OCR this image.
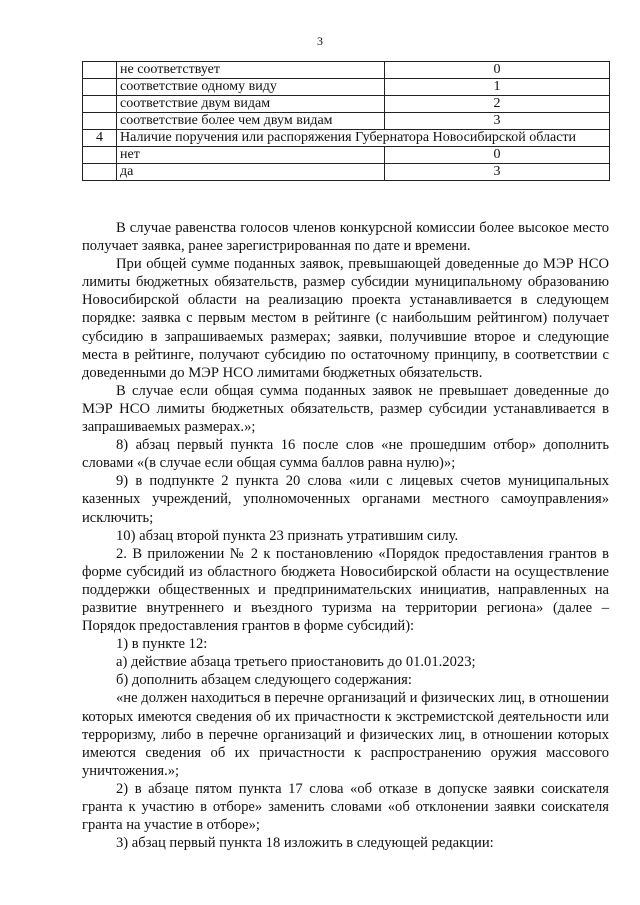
3
	не соответствует	0
	соответствие одному виду	1
	соответствие двум видам	2
	соответствие более чем двум видам	3
4	Наличие поручения или распоряжения Губернатора Новосибирской области	
	нет	0
	да	3

В случае равенства голосов членов конкурсной комиссии более высокое место получает заявка, ранее зарегистрированная по дате и времени.

При общей сумме поданных заявок, превышающей доведенные до МЭР НСО лимиты бюджетных обязательств, размер субсидии муниципальному образованию Новосибирской области на реализацию проекта устанавливается в следующем порядке: заявка с первым местом в рейтинге (с наибольшим рейтингом) получает субсидию в запрашиваемых размерах; заявки, получившие второе и следующие места в рейтинге, получают субсидию по остаточному принципу, в соответствии с доведенными до МЭР НСО лимитами бюджетных обязательств.

В случае если общая сумма поданных заявок не превышает доведенные до МЭР НСО лимиты бюджетных обязательств, размер субсидии устанавливается в запрашиваемых размерах.»;

8) абзац первый пункта 16 после слов «не прошедшим отбор» дополнить словами «(в случае если общая сумма баллов равна нулю)»;

9) в подпункте 2 пункта 20 слова «или с лицевых счетов муниципальных казенных учреждений, уполномоченных органами местного самоуправления» исключить;

10) абзац второй пункта 23 признать утратившим силу.

2. В приложении № 2 к постановлению «Порядок предоставления грантов в форме субсидий из областного бюджета Новосибирской области на осуществление поддержки общественных и предпринимательских инициатив, направленных на развитие внутреннего и въездного туризма на территории региона» (далее – Порядок предоставления грантов в форме субсидий):

1) в пункте 12:

а) действие абзаца третьего приостановить до 01.01.2023;

б) дополнить абзацем следующего содержания:

«не должен находиться в перечне организаций и физических лиц, в отношении которых имеются сведения об их причастности к экстремистской деятельности или терроризму, либо в перечне организаций и физических лиц, в отношении которых имеются сведения об их причастности к распространению оружия массового уничтожения.»;

2) в абзаце пятом пункта 17 слова «об отказе в допуске заявки соискателя гранта к участию в отборе» заменить словами «об отклонении заявки соискателя гранта на участие в отборе»;

3) абзац первый пункта 18 изложить в следующей редакции:
